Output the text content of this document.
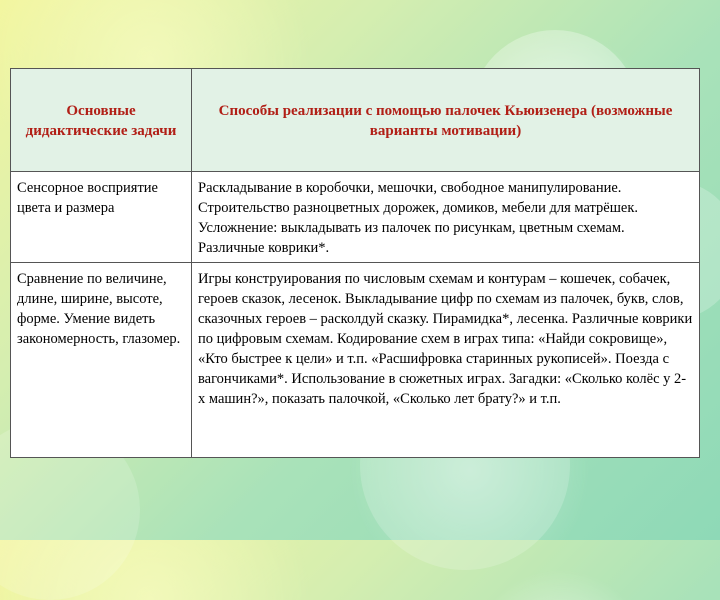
Основные дидактические задачи	Способы реализации с помощью палочек Кьюизенера (возможные варианты мотивации)

Сенсорное восприятие цвета и размера	Раскладывание в коробочки, мешочки, свободное манипулирование. Строительство разноцветных дорожек, домиков, мебели для матрёшек. Усложнение: выкладывать из палочек по рисункам, цветным схемам. Различные коврики*.

Сравнение по величине, длине, ширине, высоте, форме. Умение видеть закономерность, глазомер.	Игры конструирования по числовым схемам и контурам – кошечек, собачек, героев сказок, лесенок. Выкладывание цифр по схемам из палочек, букв, слов, сказочных героев – расколдуй сказку. Пирамидка*, лесенка. Различные коврики по цифровым схемам. Кодирование схем в играх типа: «Найди сокровище», «Кто быстрее к цели» и т.п. «Расшифровка старинных рукописей». Поезда с вагончиками*. Использование в сюжетных играх. Загадки: «Сколько колёс у 2-х машин?», показать палочкой, «Сколько лет брату?» и т.п.
